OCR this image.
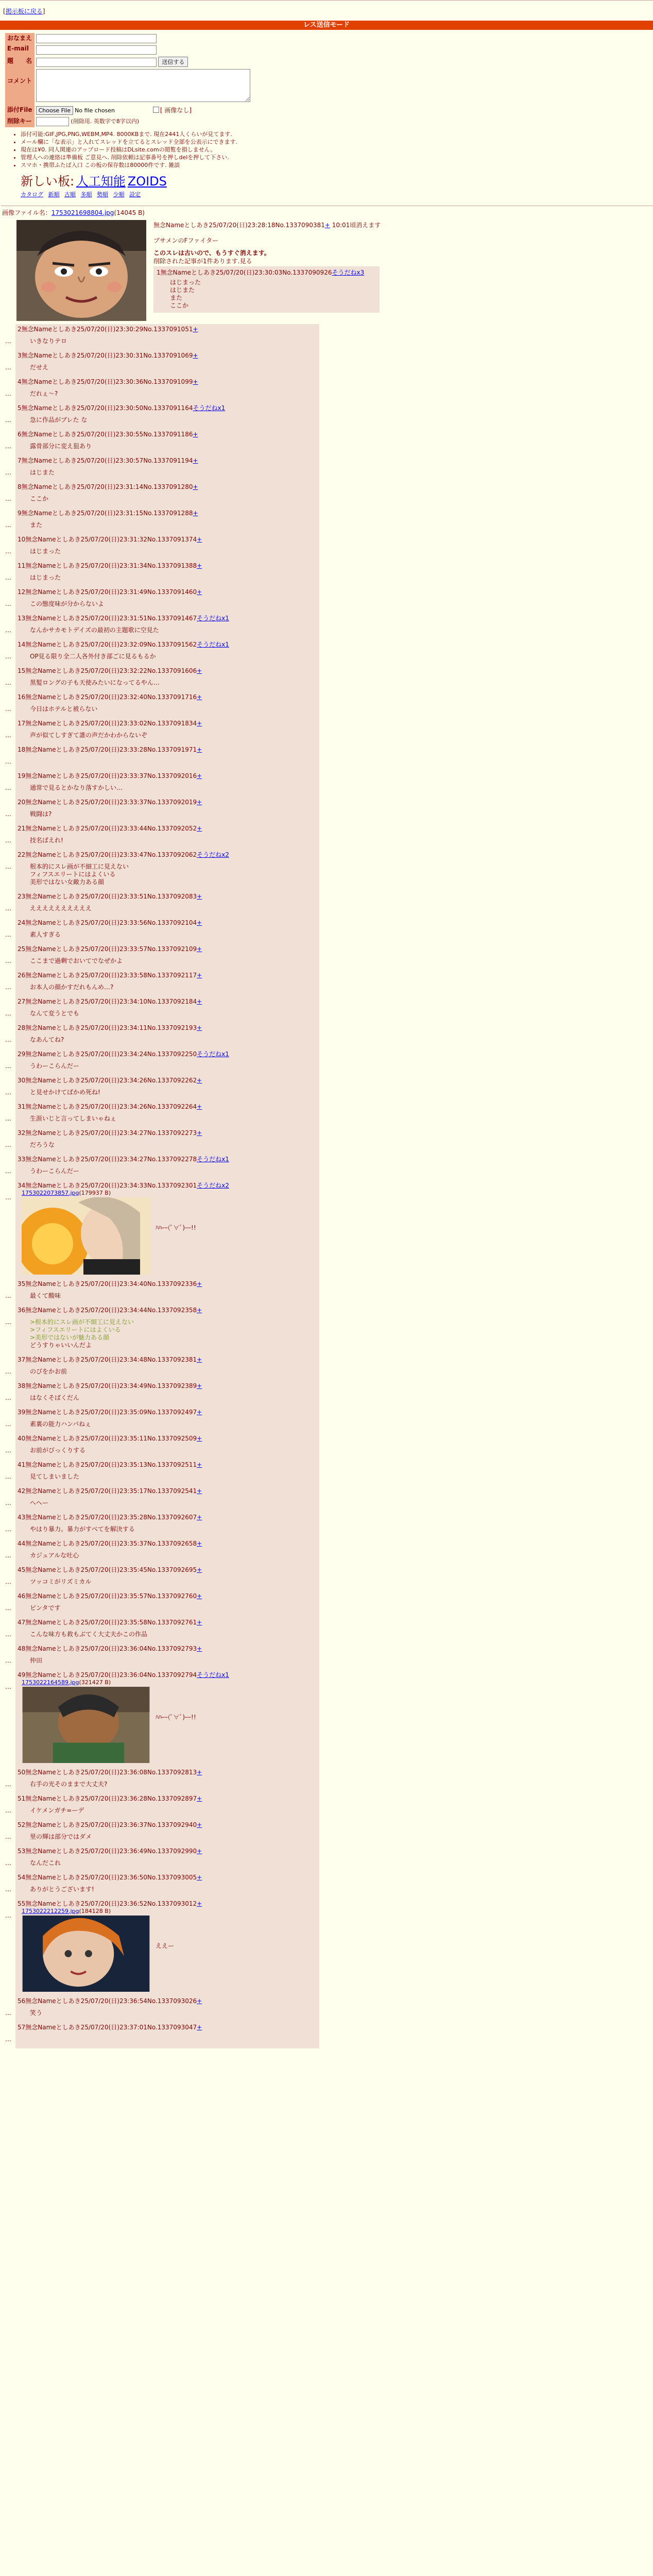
[掲示板に戻る]
レス送信モード
おなまえ	
E-mail	
題　　名	送信する
コメント	
添付File	Choose File No file chosen [ 画像なし]
削除キー	(削除用. 英数字で8字以内)
• 添付可能:GIF,JPG,PNG,WEBM,MP4. 8000KBまで. 現在2441人くらいが見てます.
• メール欄に「な表示」と入れてスレッドを立てるとスレッド全部を公表示にできます.
• 現在は¥0. 同人関連のアップロード投稿はDLsite.comの閲覧を損しません。
• 管理人への連絡は準備板 ご意見へ. 削除依頼は記事番号を押しdelを押して下さい.
• スマホ・携帯ふたば入口 この板の保存数は80000件です. 雑談
新しい板: 人工知能 ZOIDS
カタログ 新順 古順 多順 勢順 少順 設定
画像ファイル名：1753021698804.jpg(14045 B)
無念Nameとしあき25/07/20(日)23:28:18No.1337090381+ 10:01頃消えます
ブサメンのFファイター
このスレは古いので、もうすぐ消えます。
削除された記事が1件あります.見る
1無念Nameとしあき25/07/20(日)23:30:03No.1337090926そうだねx3
はじまった
はじまた
また
ここか
…
2無念Nameとしあき25/07/20(日)23:30:29No.1337091051+
いきなりテロ
…
3無念Nameとしあき25/07/20(日)23:30:31No.1337091069+
だせえ
…
4無念Nameとしあき25/07/20(日)23:30:36No.1337091099+
だれぇ～?
…
5無念Nameとしあき25/07/20(日)23:30:50No.1337091164そうだねx1
急に作品がブレた な
…
6無念Nameとしあき25/07/20(日)23:30:55No.1337091186+
露骨部分に変え狙あり
…
7無念Nameとしあき25/07/20(日)23:30:57No.1337091194+
はじまた
…
8無念Nameとしあき25/07/20(日)23:31:14No.1337091280+
ここか
…
9無念Nameとしあき25/07/20(日)23:31:15No.1337091288+
また
…
10無念Nameとしあき25/07/20(日)23:31:32No.1337091374+
はじまった
…
11無念Nameとしあき25/07/20(日)23:31:34No.1337091388+
はじまった
…
12無念Nameとしあき25/07/20(日)23:31:49No.1337091460+
この態度味が分からないよ
…
13無念Nameとしあき25/07/20(日)23:31:51No.1337091467そうだねx1
なんかサカモトデイズの最初の主題歌に空見た
…
14無念Nameとしあき25/07/20(日)23:32:09No.1337091562そうだねx1
OP見る限り全二人各外付き部ごに見るもるか
…
15無念Nameとしあき25/07/20(日)23:32:22No.1337091606+
黒髪ロングの子も天使みたいになってるやん…
…
16無念Nameとしあき25/07/20(日)23:32:40No.1337091716+
今日はホテルと被らない
…
17無念Nameとしあき25/07/20(日)23:33:02No.1337091834+
声が似てしすぎて誰の声だかわからないぞ
…
18無念Nameとしあき25/07/20(日)23:33:28No.1337091971+

…
19無念Nameとしあき25/07/20(日)23:33:37No.1337092016+
通常で見るとかなり落すかしい…
…
20無念Nameとしあき25/07/20(日)23:33:37No.1337092019+
戦闘は?
…
21無念Nameとしあき25/07/20(日)23:33:44No.1337092052+
技名ばえれ!
…
22無念Nameとしあき25/07/20(日)23:33:47No.1337092062そうだねx2
根本的にスレ画が不細工に見えない
フィフスエリートにはよくいる
美形ではない女敵力ある顔
…
23無念Nameとしあき25/07/20(日)23:33:51No.1337092083+
ええええええええええ
…
24無念Nameとしあき25/07/20(日)23:33:56No.1337092104+
素人すぎる
…
25無念Nameとしあき25/07/20(日)23:33:57No.1337092109+
ここまで過剰でおいてでなぜかよ
…
26無念Nameとしあき25/07/20(日)23:33:58No.1337092117+
お本人の顔かすだれもんめ…?
…
27無念Nameとしあき25/07/20(日)23:34:10No.1337092184+
なんて変うとでも
…
28無念Nameとしあき25/07/20(日)23:34:11No.1337092193+
なあんてね?
…
29無念Nameとしあき25/07/20(日)23:34:24No.1337092250そうだねx1
うわーこらんだー
…
30無念Nameとしあき25/07/20(日)23:34:26No.1337092262+
と見せかけてばかめ死ね!
…
31無念Nameとしあき25/07/20(日)23:34:26No.1337092264+
生涯いじと言ってしまいゃねぇ
…
32無念Nameとしあき25/07/20(日)23:34:27No.1337092273+
だろうな
…
33無念Nameとしあき25/07/20(日)23:34:27No.1337092278そうだねx1
うわーこらんだー
…
34無念Nameとしあき25/07/20(日)23:34:33No.1337092301そうだねx2
1753022073857.jpg(179937 B)
ﾊﾊｰｰ(ﾟ∀ﾟ)ｰｰ!!
…
35無念Nameとしあき25/07/20(日)23:34:40No.1337092336+
最くて酸味
…
36無念Nameとしあき25/07/20(日)23:34:44No.1337092358+
>根本的にスレ画が不細工に見えない
>フィフスエリートにはよくいる
>美形ではないが魅力ある顔
どうすりゃいいんだよ
…
37無念Nameとしあき25/07/20(日)23:34:48No.1337092381+
のびをかお前
…
38無念Nameとしあき25/07/20(日)23:34:49No.1337092389+
はなくそばくだん
…
39無念Nameとしあき25/07/20(日)23:35:09No.1337092497+
素裏の能力ハンパねぇ
…
40無念Nameとしあき25/07/20(日)23:35:11No.1337092509+
お前がびっくりする
…
41無念Nameとしあき25/07/20(日)23:35:13No.1337092511+
見てしまいました
…
42無念Nameとしあき25/07/20(日)23:35:17No.1337092541+
へへー
…
43無念Nameとしあき25/07/20(日)23:35:28No.1337092607+
やはり暴力。暴力がすべてを解決する
…
44無念Nameとしあき25/07/20(日)23:35:37No.1337092658+
カジュアルな吐心
…
45無念Nameとしあき25/07/20(日)23:35:45No.1337092695+
ツッコミがリズミカル
…
46無念Nameとしあき25/07/20(日)23:35:57No.1337092760+
ピンタです
…
47無念Nameとしあき25/07/20(日)23:35:58No.1337092761+
こんな味方も救もぶてく大丈夫かこの作品
…
48無念Nameとしあき25/07/20(日)23:36:04No.1337092793+
仲田
…
49無念Nameとしあき25/07/20(日)23:36:04No.1337092794そうだねx1
1753022164589.jpg(321427 B)
ﾊﾊｰｰ(ﾟ∀ﾟ)ｰｰ!!
…
50無念Nameとしあき25/07/20(日)23:36:08No.1337092813+
右手の光そのままで大丈夫?
…
51無念Nameとしあき25/07/20(日)23:36:28No.1337092897+
イケメンガチ=ーデ
…
52無念Nameとしあき25/07/20(日)23:36:37No.1337092940+
里の輝は部分ではダメ
…
53無念Nameとしあき25/07/20(日)23:36:49No.1337092990+
なんだこれ
…
54無念Nameとしあき25/07/20(日)23:36:50No.1337093005+
ありがとうございます!
…
55無念Nameとしあき25/07/20(日)23:36:52No.1337093012+
1753022212259.jpg(184128 B)
ええー
…
56無念Nameとしあき25/07/20(日)23:36:54No.1337093026+
笑う
…
57無念Nameとしあき25/07/20(日)23:37:01No.1337093047+
